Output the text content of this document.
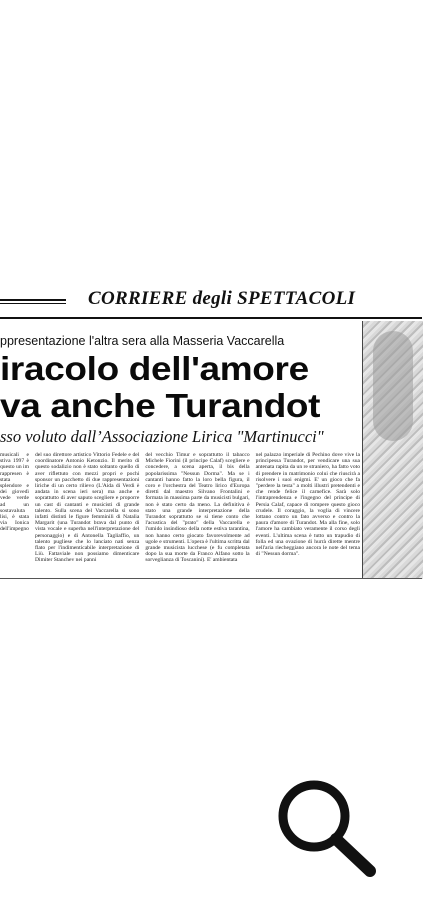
CORRIERE degli SPETTACOLI
ppresentazione l'altra sera alla Masseria Vaccarella
iracolo dell'amore
va anche Turandot
sso voluto dall’Associazione Lirica "Martinucci"
musicali e stiva 1997 è questo un im rappresen è stata splendore e dei giovedì vede verde ad un sostavaluta lisi, è stata via Ionica dell'impegno
del suo direttore artistico Vittorio Fedele e del coordinatore Antonio Ketonzio. Il merito di questo sodalizio non è stato soltanto quello di aver riflettuto con mezzi propri e pochi sponsor un pacchetto di due rappresentazioni liriche di un certo rilievo (L'Aida di Verdi è andata in scena ieri sera) ma anche e soprattutto di aver saputo scegliere e proporre un cast di cantanti e musicisti di grande talento. Sulla scena del Vaccarella si sono infatti distinti le figure femminili di Natalia Margarit (una Turandot brava dal punto di vista vocale e superba nell'interpretazione del personaggio) e di Antonella Tagliaffio, un talento pugliese che lo lanciato nati senza flato per l'indimenticabile interpretazione di Liù. Fattaviale non possiamo dimenticare Dimiter Stanchev nei panni
del vecchio Timur e soprattutto il tabacco Michele Fiorini (il principe Calaf) scegliere e concedere, a scena aperta, il bis della popolarissima "Nessun Dorma". Ma se i cantanti hanno fatto la loro bella figura, il coro e l'orchestra del Teatro lirico d'Europa diretti dal maestro Silvano Frontalini e formata in massima parte da musicisti bulgari, non è stato certo da meno. La definitiva è stato una grande interpretazione della Turandot soprattutto se si tiene conto che l'acustica del "prato" della Vaccarella e l'umido insindioso della notte estiva tarantina, non hanno certo giocato favorevolmente ad ugole e strumenti. L'opera è l'ultima scritta dal grande musicista lucchese (e fu completata dopo la sua morte da Franco Alfano sotto la sorveglianza di Toscanini). E' ambientata
nel palazzo imperiale di Pechino dove vive la principessa Turandot, per vendicare una sua antenata rapita da un re straniero, ha fatto voto di prendere in matrimonio colui che riuscirà a risolvere i suoi enigmi. E' un gioco che fa "perdere la testa" a molti illustri pretendenti e che rende felice il carnefice. Sarà solo l'intraprendenza e l'ingegno del principe di Persia Calaf, capace di rompere questo gioco crudele. Il coraggio, la voglia di vincere lottano contro un fato avverso e contro la paura d'amore di Turandot. Ma alla fine, solo l'amore ha cambiato veramente il corso degli eventi. L'ultima scena è tutto un trapudio di folla ed una ovazione di hurrà dirette mentre nell'aria riecheggiano ancora le note del tema di "Nessun dorma".
